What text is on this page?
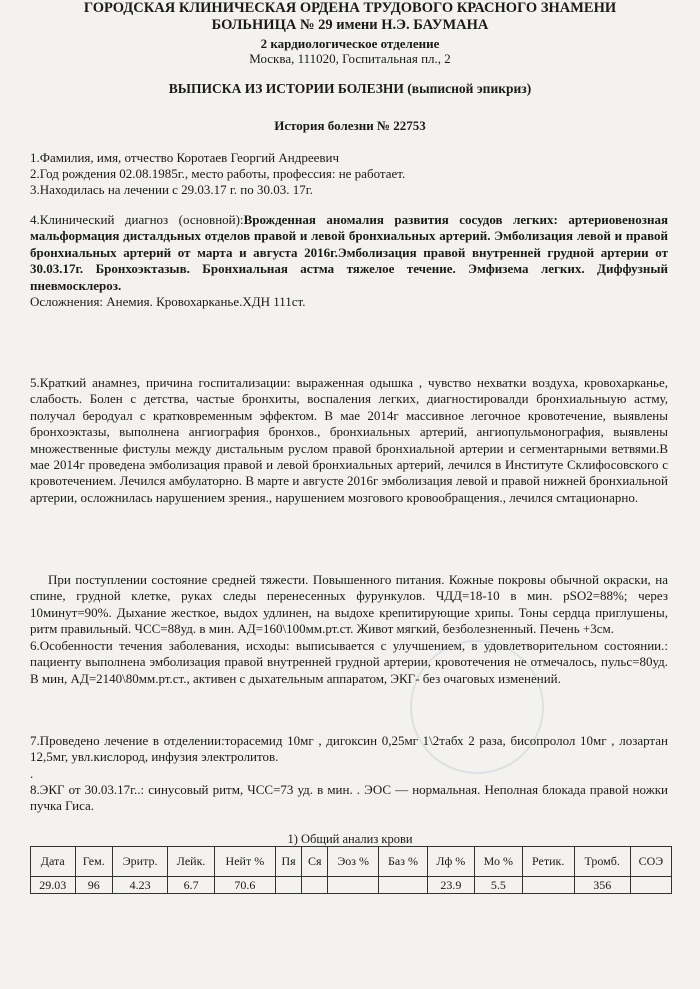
ГОРОДСКАЯ КЛИНИЧЕСКАЯ ОРДЕНА ТРУДОВОГО КРАСНОГО ЗНАМЕНИ
БОЛЬНИЦА № 29 имени Н.Э. БАУМАНА
2 кардиологическое отделение
Москва, 111020, Госпитальная пл., 2
ВЫПИСКА ИЗ ИСТОРИИ БОЛЕЗНИ (выписной эпикриз)
История болезни № 22753
1.Фамилия, имя, отчество Коротаев Георгий Андреевич
2.Год рождения 02.08.1985г., место работы, профессия: не работает.
3.Находилась на лечении с 29.03.17 г. по 30.03. 17г.
4.Клинический диагноз (основной):Врожденная аномалия развития сосудов легких: артериовенозная мальформация дисталдьных отделов правой и левой бронхиальных артерий. Эмболизация левой и правой бронхиальных артерий от марта и августа 2016г.Эмболизация правой внутренней грудной артерии от 30.03.17г. Бронхоэктазыв. Бронхиальная астма тяжелое течение. Эмфизема легких. Диффузный пневмосклероз.
Осложнения: Анемия. Кровохарканье.ХДН 111ст.
5.Краткий анамнез, причина госпитализации: выраженная одышка , чувство нехватки воздуха, кровохарканье, слабость. Болен с детства, частые бронхиты, воспаления легких, диагностировалди бронхиальныую астму, получал беродуал с кратковременным эффектом. В мае 2014г массивное легочное кровотечение, выявлены бронхоэктазы, выполнена ангиография бронхов., бронхиальных артерий, ангиопульмонография, выявлены множественные фистулы между дистальным руслом правой бронхиальной артерии и сегментарными ветвями.В мае 2014г проведена эмболизация правой и левой бронхиальных артерий, лечился в Институте Склифосовского с кровотечением. Лечился амбулаторно. В марте и августе 2016г эмболизация левой и правой нижней бронхиальной артерии, осложнилась нарушением зрения., нарушением мозгового кровообращения., лечился смтационарно.
При поступлении состояние средней тяжести. Повышенного питания. Кожные покровы обычной окраски, на спине, грудной клетке, руках следы перенесенных фурункулов. ЧДД=18-10 в мин. pSO2=88%; через 10минут=90%. Дыхание жесткое, выдох удлинен, на выдохе крепитирующие хрипы. Тоны сердца приглушены, ритм правильный. ЧСС=88уд. в мин. АД=160\100мм.рт.ст. Живот мягкий, безболезненный. Печень +3см.
6.Особенности течения заболевания, исходы: выписывается с улучшением, в удовлетворительном состоянии.: пациенту выполнена эмболизация правой внутренней грудной артерии, кровотечения не отмечалось, пульс=80уд. В мин, АД=2140\80мм.рт.ст., активен с дыхательным аппаратом, ЭКГ- без очаговых изменений.
7.Проведено лечение в отделении:торасемид 10мг , дигоксин 0,25мг 1\2табх 2 раза, бисопролол 10мг , лозартан 12,5мг, увл.кислород, инфузия электролитов.
.
8.ЭКГ от 30.03.17г..: синусовый ритм, ЧСС=73 уд. в мин. . ЭОС — нормальная. Неполная блокада правой ножки пучка Гиса.
1) Общий анализ крови
Дата	Гем.	Эритр.	Лейк.	Нейт %	Пя	Ся	Эоз %	Баз %	Лф %	Мо %	Ретик.	Тромб.	СОЭ
29.03	96	4.23	6.7	70.6					23.9	5.5		356	
